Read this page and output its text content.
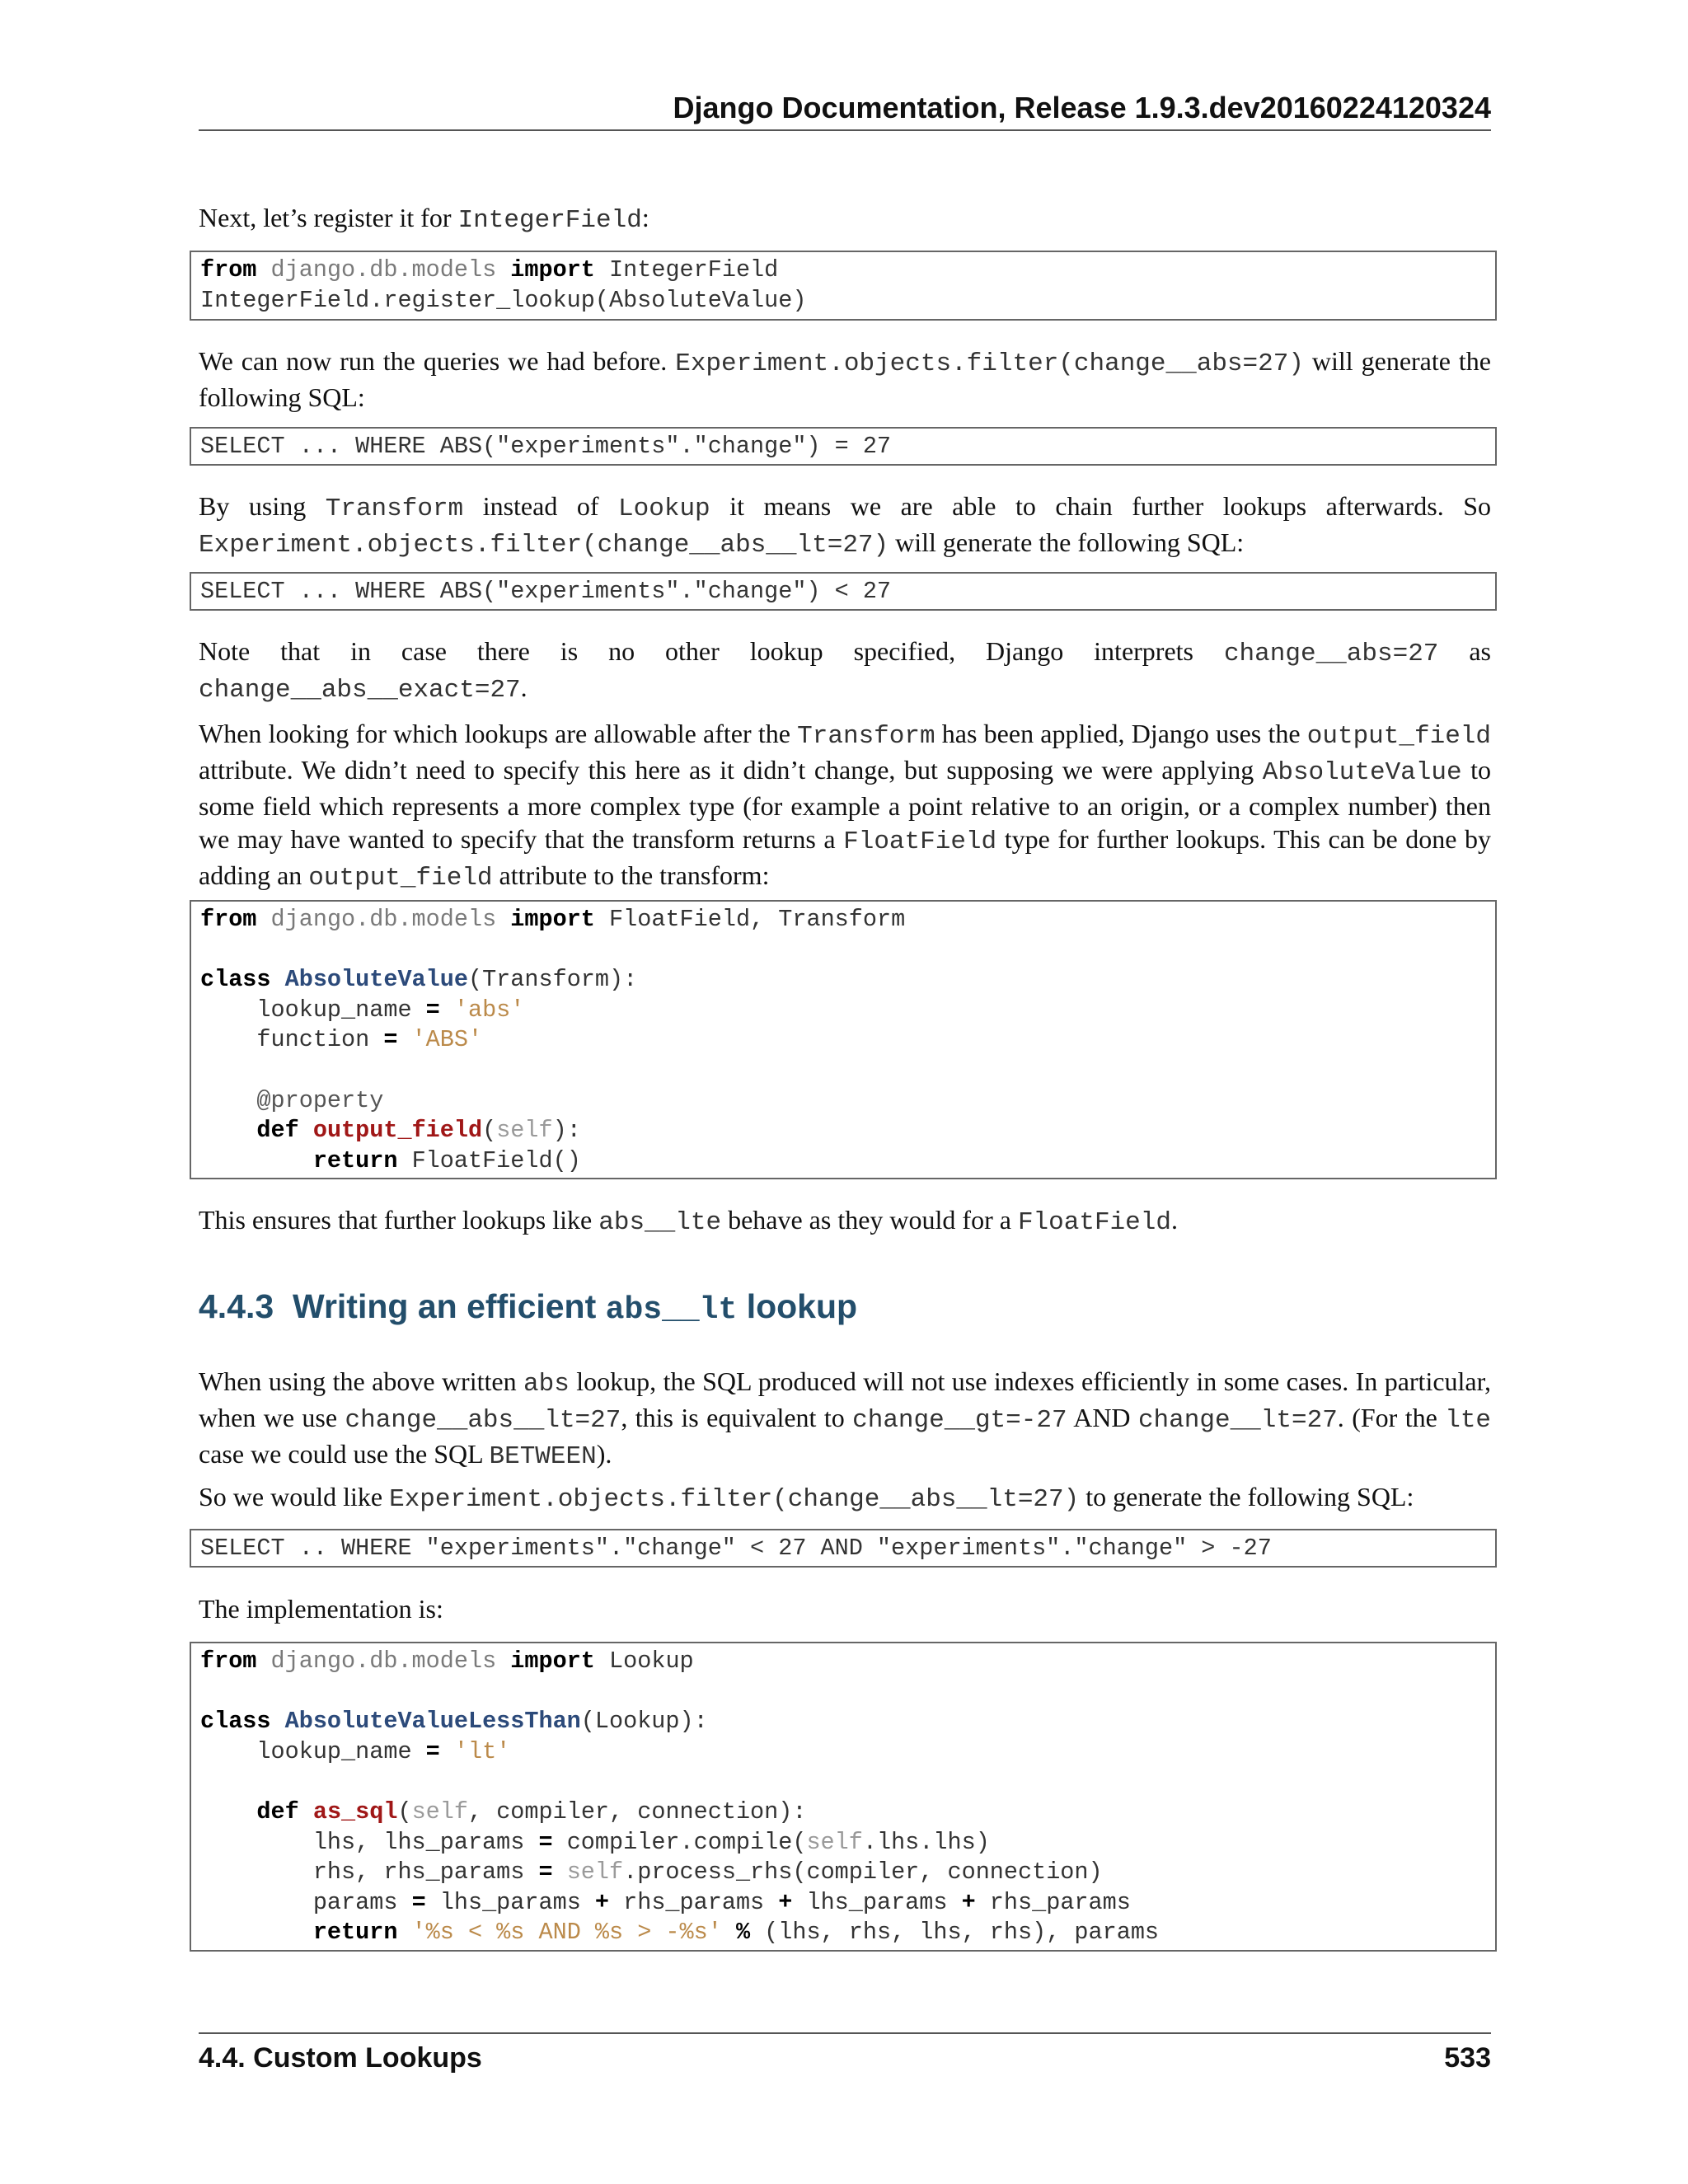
Django Documentation, Release 1.9.3.dev20160224120324
Next, let’s register it for IntegerField:
from django.db.models import IntegerField
IntegerField.register_lookup(AbsoluteValue)
We can now run the queries we had before. Experiment.objects.filter(change__abs=27) will generate the following SQL:
SELECT ... WHERE ABS("experiments"."change") = 27
By using Transform instead of Lookup it means we are able to chain further lookups afterwards. So Experiment.objects.filter(change__abs__lt=27) will generate the following SQL:
SELECT ... WHERE ABS("experiments"."change") < 27
Note that in case there is no other lookup specified, Django interprets change__abs=27 as change__abs__exact=27.
When looking for which lookups are allowable after the Transform has been applied, Django uses the output_field attribute. We didn’t need to specify this here as it didn’t change, but supposing we were applying AbsoluteValue to some field which represents a more complex type (for example a point relative to an origin, or a complex number) then we may have wanted to specify that the transform returns a FloatField type for further lookups. This can be done by adding an output_field attribute to the transform:
from django.db.models import FloatField, Transform

class AbsoluteValue(Transform):
lookup_name = 'abs'
function = 'ABS'

@property
def output_field(self):
return FloatField()
This ensures that further lookups like abs__lte behave as they would for a FloatField.
4.4.3 Writing an efficient abs__lt lookup
When using the above written abs lookup, the SQL produced will not use indexes efficiently in some cases. In particular, when we use change__abs__lt=27, this is equivalent to change__gt=-27 AND change__lt=27. (For the lte case we could use the SQL BETWEEN).
So we would like Experiment.objects.filter(change__abs__lt=27) to generate the following SQL:
SELECT .. WHERE "experiments"."change" < 27 AND "experiments"."change" > -27
The implementation is:
from django.db.models import Lookup

class AbsoluteValueLessThan(Lookup):
lookup_name = 'lt'

def as_sql(self, compiler, connection):
lhs, lhs_params = compiler.compile(self.lhs.lhs)
rhs, rhs_params = self.process_rhs(compiler, connection)
params = lhs_params + rhs_params + lhs_params + rhs_params
return '%s < %s AND %s > -%s' % (lhs, rhs, lhs, rhs), params
4.4. Custom Lookups	533
